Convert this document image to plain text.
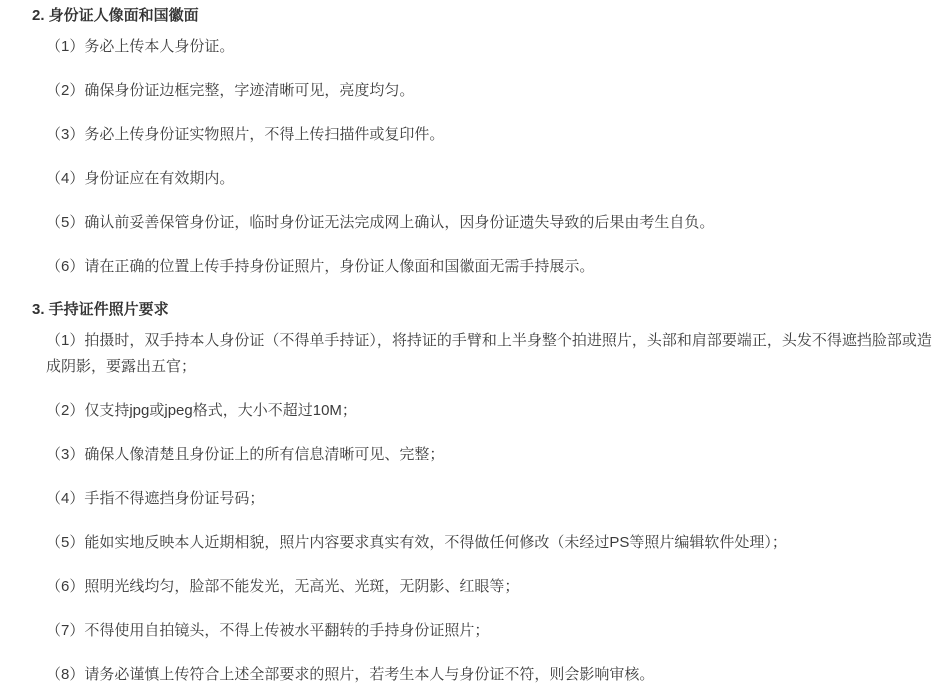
2. 身份证人像面和国徽面

（1）务必上传本人身份证。

（2）确保身份证边框完整，字迹清晰可见，亮度均匀。

（3）务必上传身份证实物照片，不得上传扫描件或复印件。

（4）身份证应在有效期内。

（5）确认前妥善保管身份证，临时身份证无法完成网上确认，因身份证遗失导致的后果由考生自负。

（6）请在正确的位置上传手持身份证照片，身份证人像面和国徽面无需手持展示。

3. 手持证件照片要求

（1）拍摄时，双手持本人身份证（不得单手持证），将持证的手臂和上半身整个拍进照片，头部和肩部要端正，头发不得遮挡脸部或造成阴影，要露出五官；

（2）仅支持jpg或jpeg格式，大小不超过10M；

（3）确保人像清楚且身份证上的所有信息清晰可见、完整；

（4）手指不得遮挡身份证号码；

（5）能如实地反映本人近期相貌，照片内容要求真实有效，不得做任何修改（未经过PS等照片编辑软件处理）；

（6）照明光线均匀，脸部不能发光，无高光、光斑，无阴影、红眼等；

（7）不得使用自拍镜头，不得上传被水平翻转的手持身份证照片；

（8）请务必谨慎上传符合上述全部要求的照片，若考生本人与身份证不符，则会影响审核。
